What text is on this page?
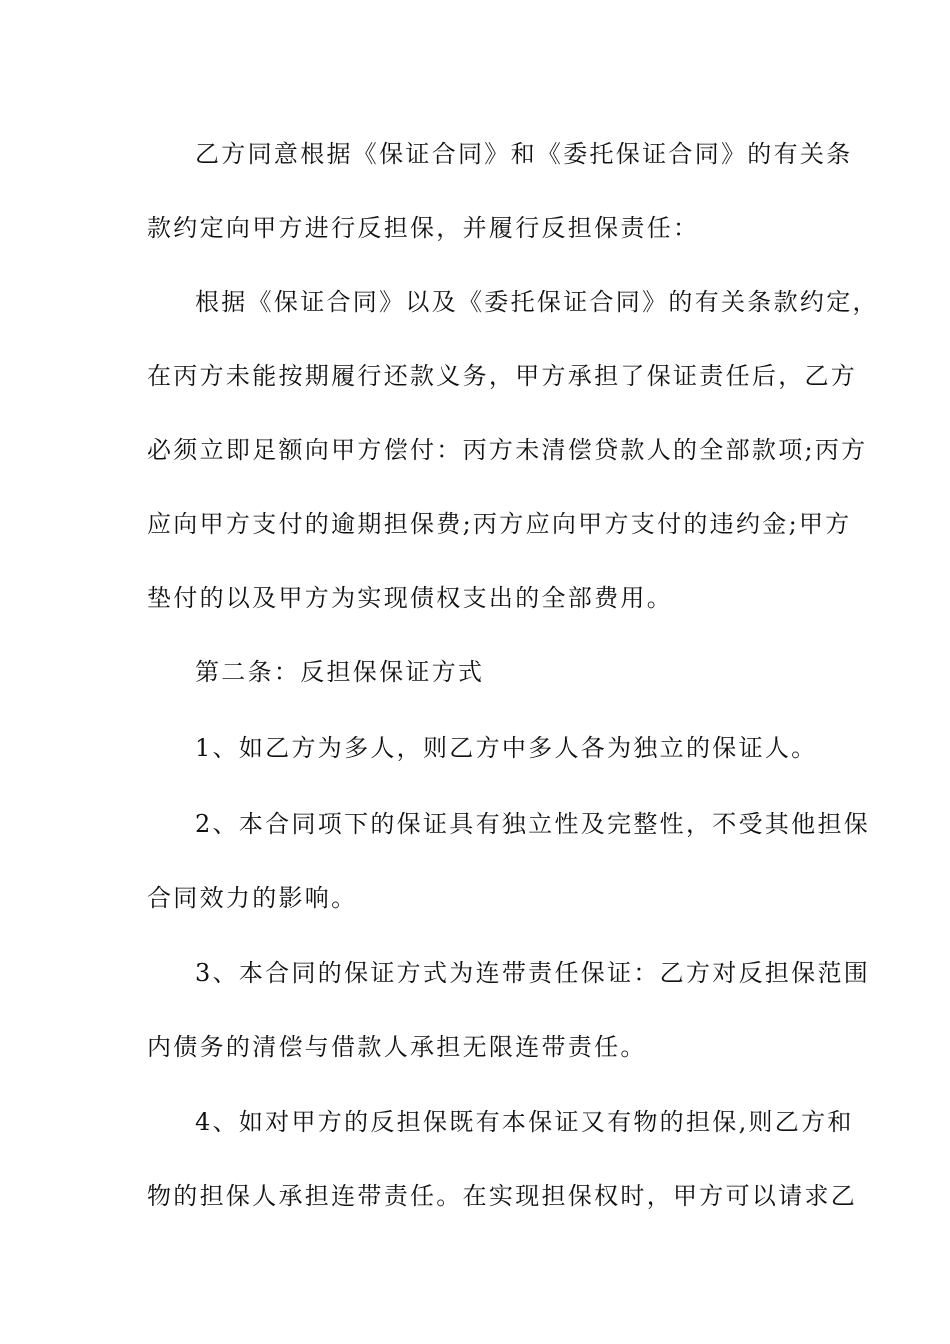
乙方同意根据《保证合同》和《委托保证合同》的有关条

款约定向甲方进行反担保，并履行反担保责任：

根据《保证合同》以及《委托保证合同》的有关条款约定，

在丙方未能按期履行还款义务，甲方承担了保证责任后，乙方

必须立即足额向甲方偿付：丙方未清偿贷款人的全部款项;丙方

应向甲方支付的逾期担保费;丙方应向甲方支付的违约金;甲方

垫付的以及甲方为实现债权支出的全部费用。

第二条：反担保保证方式

1、如乙方为多人，则乙方中多人各为独立的保证人。

2、本合同项下的保证具有独立性及完整性，不受其他担保

合同效力的影响。

3、本合同的保证方式为连带责任保证：乙方对反担保范围

内债务的清偿与借款人承担无限连带责任。

4、如对甲方的反担保既有本保证又有物的担保,则乙方和

物的担保人承担连带责任。在实现担保权时，甲方可以请求乙
